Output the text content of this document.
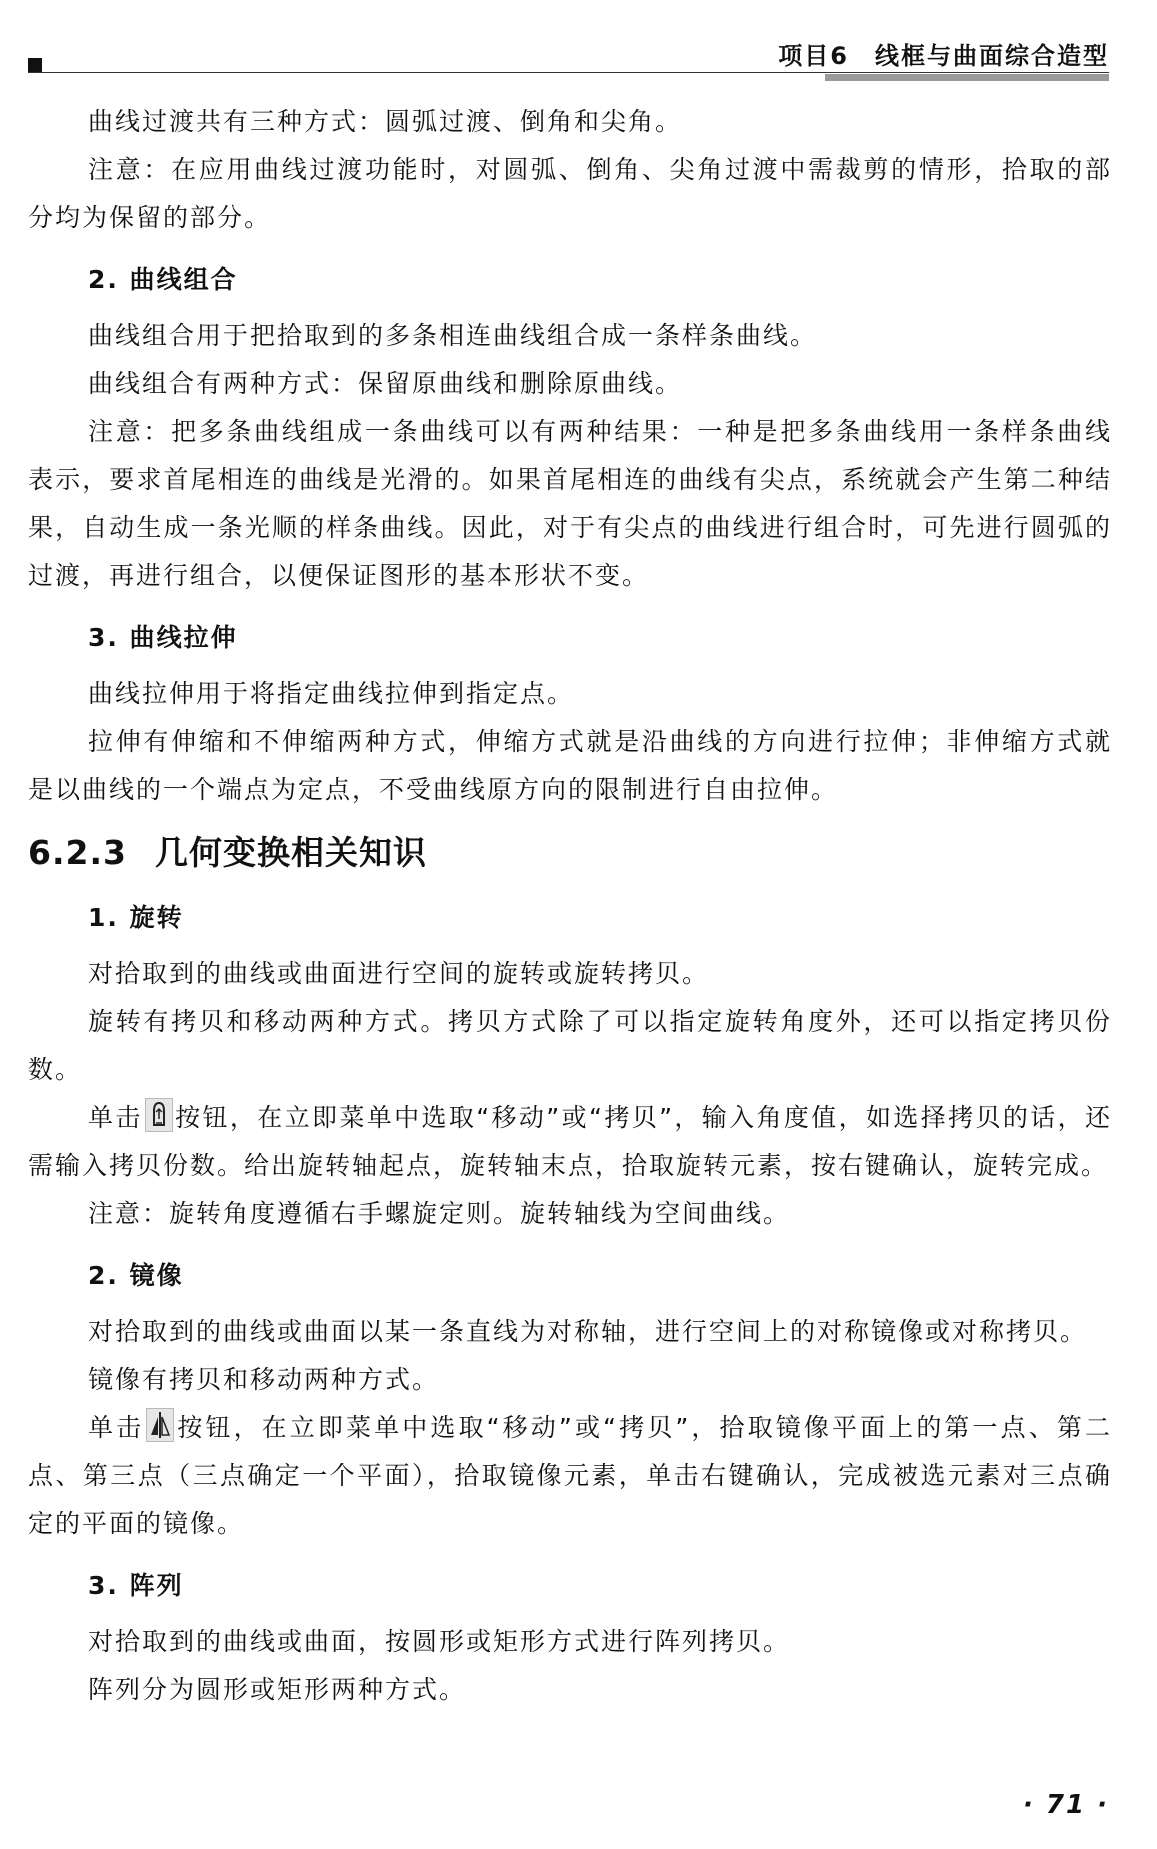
项目6　线框与曲面综合造型

曲线过渡共有三种方式：圆弧过渡、倒角和尖角。

注意：在应用曲线过渡功能时，对圆弧、倒角、尖角过渡中需裁剪的情形，拾取的部分均为保留的部分。

2. 曲线组合

曲线组合用于把拾取到的多条相连曲线组合成一条样条曲线。

曲线组合有两种方式：保留原曲线和删除原曲线。

注意：把多条曲线组成一条曲线可以有两种结果：一种是把多条曲线用一条样条曲线表示，要求首尾相连的曲线是光滑的。如果首尾相连的曲线有尖点，系统就会产生第二种结果，自动生成一条光顺的样条曲线。因此，对于有尖点的曲线进行组合时，可先进行圆弧的过渡，再进行组合，以便保证图形的基本形状不变。

3. 曲线拉伸

曲线拉伸用于将指定曲线拉伸到指定点。

拉伸有伸缩和不伸缩两种方式，伸缩方式就是沿曲线的方向进行拉伸；非伸缩方式就是以曲线的一个端点为定点，不受曲线原方向的限制进行自由拉伸。

6.2.3 几何变换相关知识

1. 旋转

对拾取到的曲线或曲面进行空间的旋转或旋转拷贝。

旋转有拷贝和移动两种方式。拷贝方式除了可以指定旋转角度外，还可以指定拷贝份数。

单击 按钮，在立即菜单中选取“移动”或“拷贝”，输入角度值，如选择拷贝的话，还需输入拷贝份数。给出旋转轴起点，旋转轴末点，拾取旋转元素，按右键确认，旋转完成。

注意：旋转角度遵循右手螺旋定则。旋转轴线为空间曲线。

2. 镜像

对拾取到的曲线或曲面以某一条直线为对称轴，进行空间上的对称镜像或对称拷贝。

镜像有拷贝和移动两种方式。

单击 按钮，在立即菜单中选取“移动”或“拷贝”，拾取镜像平面上的第一点、第二点、第三点（三点确定一个平面），拾取镜像元素，单击右键确认，完成被选元素对三点确定的平面的镜像。

3. 阵列

对拾取到的曲线或曲面，按圆形或矩形方式进行阵列拷贝。

阵列分为圆形或矩形两种方式。

· 71 ·
